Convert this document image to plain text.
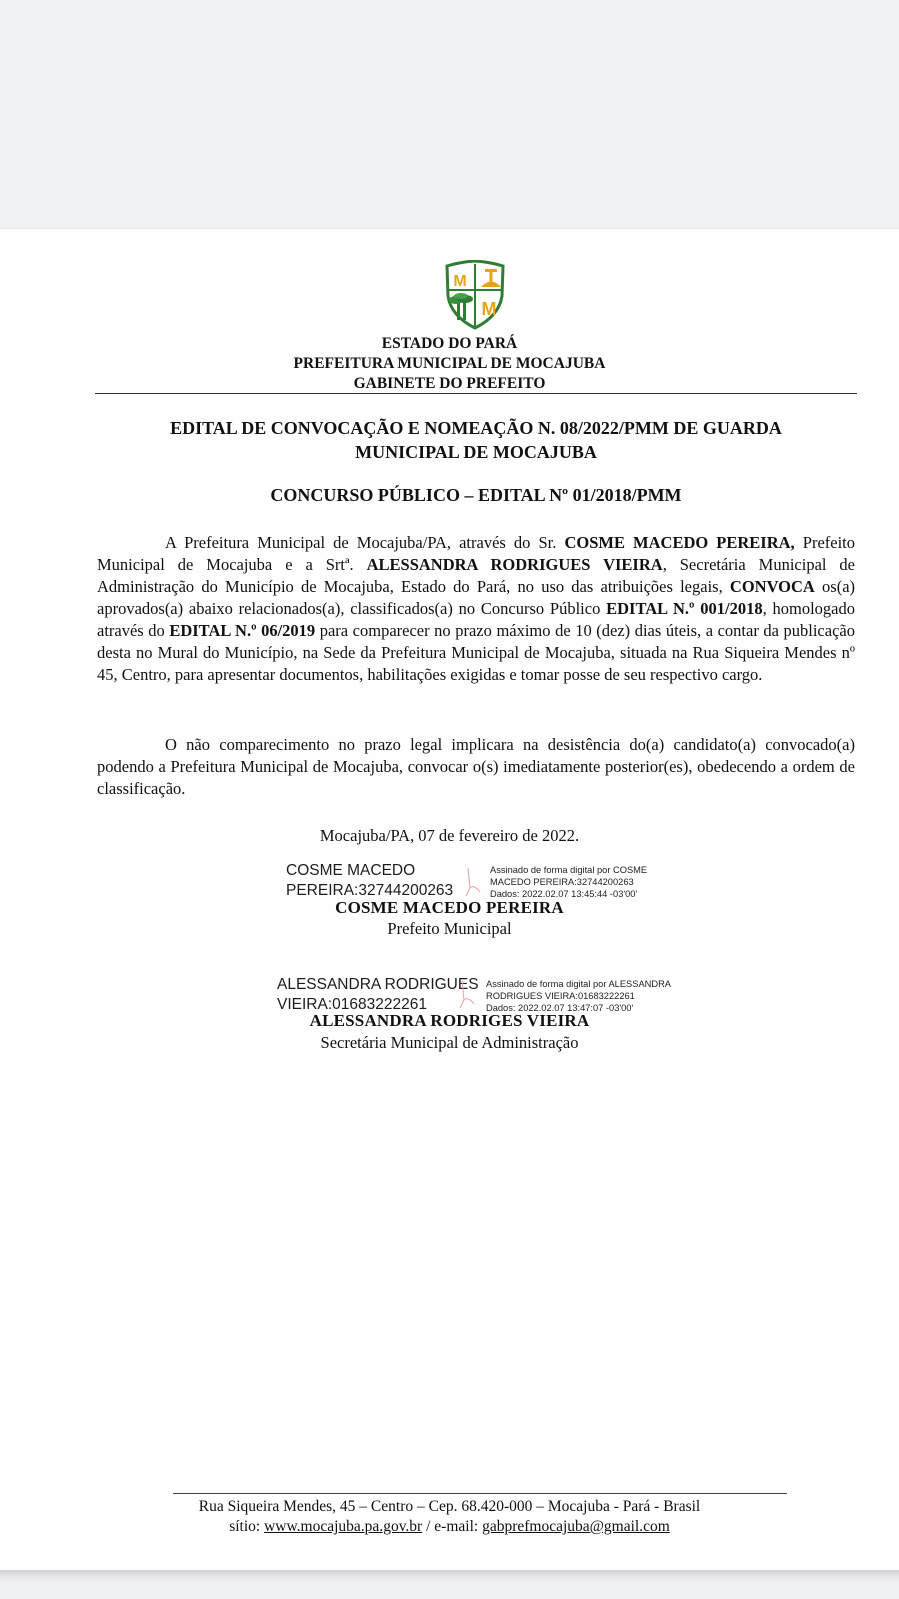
M
M
ESTADO DO PARÁ
PREFEITURA MUNICIPAL DE MOCAJUBA
GABINETE DO PREFEITO
EDITAL DE CONVOCAÇÃO E NOMEAÇÃO N. 08/2022/PMM DE GUARDA
MUNICIPAL DE MOCAJUBA
CONCURSO PÚBLICO – EDITAL Nº 01/2018/PMM
A Prefeitura Municipal de Mocajuba/PA, através do Sr. COSME MACEDO PEREIRA, Prefeito Municipal de Mocajuba e a Srtª. ALESSANDRA RODRIGUES VIEIRA, Secretária Municipal de Administração do Município de Mocajuba, Estado do Pará, no uso das atribuições legais, CONVOCA os(a) aprovados(a) abaixo relacionados(a), classificados(a) no Concurso Público EDITAL N.º 001/2018, homologado através do EDITAL N.º 06/2019 para comparecer no prazo máximo de 10 (dez) dias úteis, a contar da publicação desta no Mural do Município, na Sede da Prefeitura Municipal de Mocajuba, situada na Rua Siqueira Mendes nº 45, Centro, para apresentar documentos, habilitações exigidas e tomar posse de seu respectivo cargo.
O não comparecimento no prazo legal implicara na desistência do(a) candidato(a) convocado(a) podendo a Prefeitura Municipal de Mocajuba, convocar o(s) imediatamente posterior(es), obedecendo a ordem de classificação.
Mocajuba/PA, 07 de fevereiro de 2022.
COSME MACEDO
PEREIRA:32744200263
Assinado de forma digital por COSME
MACEDO PEREIRA:32744200263
Dados: 2022.02.07 13:45:44 -03'00'
COSME MACEDO PEREIRA
Prefeito Municipal
ALESSANDRA RODRIGUES
VIEIRA:01683222261
Assinado de forma digital por ALESSANDRA
RODRIGUES VIEIRA:01683222261
Dados: 2022.02.07 13:47:07 -03'00'
ALESSANDRA RODRIGES VIEIRA
Secretária Municipal de Administração
Rua Siqueira Mendes, 45 – Centro – Cep. 68.420-000 – Mocajuba - Pará - Brasil
sítio: www.mocajuba.pa.gov.br / e-mail: gabprefmocajuba@gmail.com
